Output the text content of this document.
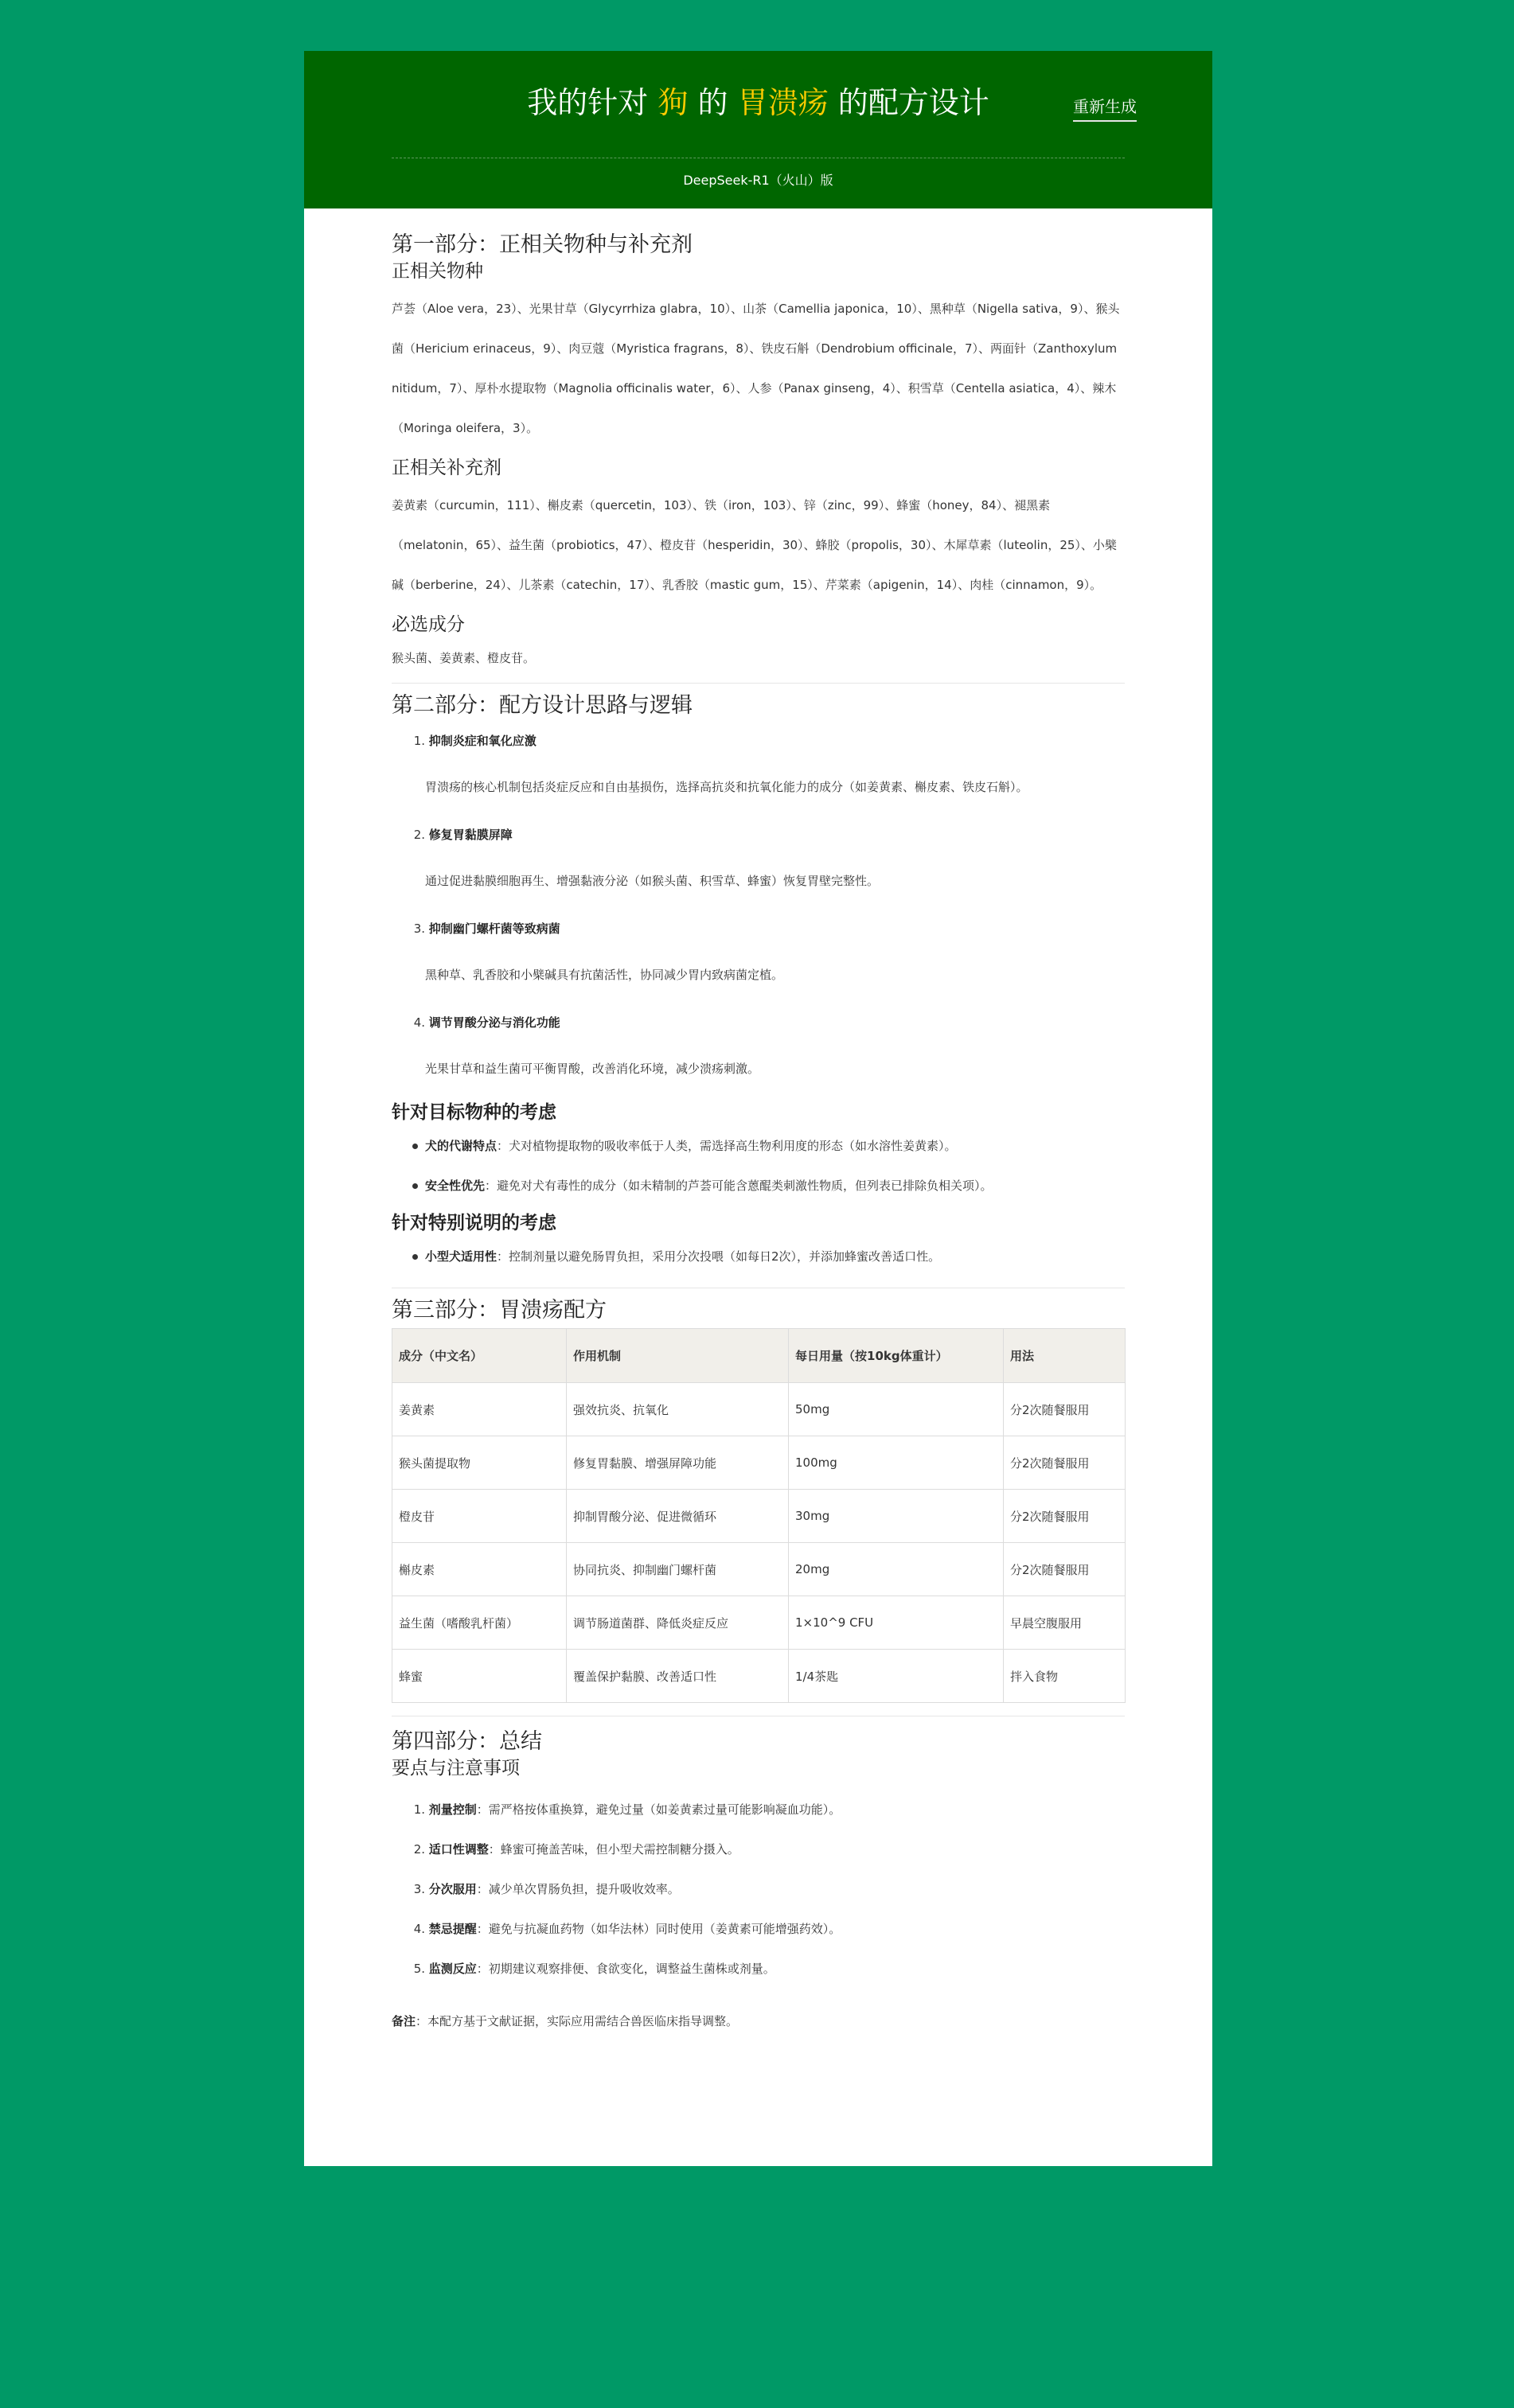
我的针对 狗 的 胃溃疡 的配方设计	重新生成
DeepSeek-R1（火山）版
第一部分：正相关物种与补充剂
正相关物种

芦荟（Aloe vera，23）、光果甘草（Glycyrrhiza glabra，10）、山茶（Camellia japonica，10）、黑种草（Nigella sativa，9）、猴头菌（Hericium erinaceus，9）、肉豆蔻（Myristica fragrans，8）、铁皮石斛（Dendrobium officinale，7）、两面针（Zanthoxylum nitidum，7）、厚朴水提取物（Magnolia officinalis water，6）、人参（Panax ginseng，4）、积雪草（Centella asiatica，4）、辣木（Moringa oleifera，3）。

正相关补充剂

姜黄素（curcumin，111）、槲皮素（quercetin，103）、铁（iron，103）、锌（zinc，99）、蜂蜜（honey，84）、褪黑素（melatonin，65）、益生菌（probiotics，47）、橙皮苷（hesperidin，30）、蜂胶（propolis，30）、木犀草素（luteolin，25）、小檗碱（berberine，24）、儿茶素（catechin，17）、乳香胶（mastic gum，15）、芹菜素（apigenin，14）、肉桂（cinnamon，9）。

必选成分

猴头菌、姜黄素、橙皮苷。

第二部分：配方设计思路与逻辑
1. 抑制炎症和氧化应激
胃溃疡的核心机制包括炎症反应和自由基损伤，选择高抗炎和抗氧化能力的成分（如姜黄素、槲皮素、铁皮石斛）。
2. 修复胃黏膜屏障
通过促进黏膜细胞再生、增强黏液分泌（如猴头菌、积雪草、蜂蜜）恢复胃壁完整性。
3. 抑制幽门螺杆菌等致病菌
黑种草、乳香胶和小檗碱具有抗菌活性，协同减少胃内致病菌定植。
4. 调节胃酸分泌与消化功能
光果甘草和益生菌可平衡胃酸，改善消化环境，减少溃疡刺激。
针对目标物种的考虑
犬的代谢特点：犬对植物提取物的吸收率低于人类，需选择高生物利用度的形态（如水溶性姜黄素）。
安全性优先：避免对犬有毒性的成分（如未精制的芦荟可能含蒽醌类刺激性物质，但列表已排除负相关项）。
针对特别说明的考虑
小型犬适用性：控制剂量以避免肠胃负担，采用分次投喂（如每日2次），并添加蜂蜜改善适口性。
第三部分：胃溃疡配方
成分（中文名）	作用机制	每日用量（按10kg体重计）	用法
姜黄素	强效抗炎、抗氧化	50mg	分2次随餐服用
猴头菌提取物	修复胃黏膜、增强屏障功能	100mg	分2次随餐服用
橙皮苷	抑制胃酸分泌、促进微循环	30mg	分2次随餐服用
槲皮素	协同抗炎、抑制幽门螺杆菌	20mg	分2次随餐服用
益生菌（嗜酸乳杆菌）	调节肠道菌群、降低炎症反应	1×10^9 CFU	早晨空腹服用
蜂蜜	覆盖保护黏膜、改善适口性	1/4茶匙	拌入食物
第四部分：总结
要点与注意事项
1. 剂量控制：需严格按体重换算，避免过量（如姜黄素过量可能影响凝血功能）。
2. 适口性调整：蜂蜜可掩盖苦味，但小型犬需控制糖分摄入。
3. 分次服用：减少单次胃肠负担，提升吸收效率。
4. 禁忌提醒：避免与抗凝血药物（如华法林）同时使用（姜黄素可能增强药效）。
5. 监测反应：初期建议观察排便、食欲变化，调整益生菌株或剂量。

备注：本配方基于文献证据，实际应用需结合兽医临床指导调整。
